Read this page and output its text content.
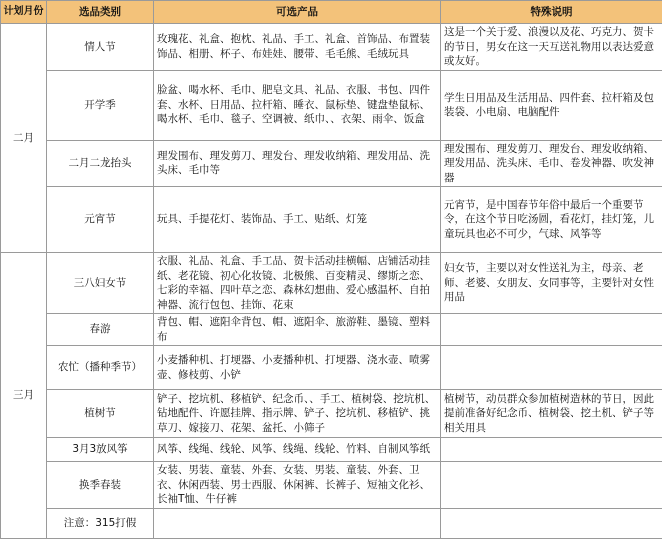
计划月份	选品类别	可选产品	特殊说明
二月	情人节	玫瑰花、礼盒、抱枕、礼品、手工、礼盒、首饰品、布置装饰品、相册、杯子、布娃娃、腰带、毛毛熊、毛绒玩具	这是一个关于爱、浪漫以及花、巧克力、贺卡的节日，男女在这一天互送礼物用以表达爱意或友好。
	开学季	脸盆、喝水杯、毛巾、肥皂文具、礼品、衣服、书包、四件套、水杯、日用品、拉杆箱、睡衣、鼠标垫、键盘垫鼠标、喝水杯、毛巾、毯子、空调被、纸巾、、衣架、雨伞、饭盒	学生日用品及生活用品、四件套、拉杆箱及包装袋、小电扇、电脑配件
	二月二龙抬头	理发围布、理发剪刀、理发台、理发收纳箱、理发用品、洗头床、毛巾等	理发围布、理发剪刀、理发台、理发收纳箱、理发用品、洗头床、毛巾、卷发神器、吹发神器
	元宵节	玩具、手提花灯、装饰品、手工、贴纸、灯笼	元宵节，是中国春节年俗中最后一个重要节令，在这个节日吃汤圆，看花灯，挂灯笼，儿童玩具也必不可少，气球、风筝等
三月	三八妇女节	衣服、礼品、礼盒、手工品、贺卡活动挂横幅、店铺活动挂纸、老花镜、初心化妆镜、北极熊、百变精灵、缪斯之恋、七彩的幸福、四叶草之恋、森林幻想曲、爱心感温杯、自拍神器、流行包包、挂饰、花束	妇女节，主要以对女性送礼为主，母亲、老师、老婆、女朋友、女同事等，主要针对女性用品
	春游	背包、帽、遮阳伞背包、帽、遮阳伞、旅游鞋、墨镜、塑料布	
	农忙（播种季节）	小麦播种机、打埂器、小麦播种机、打埂器、浇水壶、喷雾壶、修枝剪、小铲	
	植树节	铲子、挖坑机、移植铲、纪念币、、手工、植树袋、挖坑机、钻地配件、许愿挂牌、指示牌、铲子、挖坑机、移植铲、挑草刀、嫁接刀、花架、盆托、小筛子	植树节，动员群众参加植树造林的节日，因此提前准备好纪念币、植树袋、挖土机、铲子等相关用具
	3月3放风筝	风筝、线绳、线轮、风筝、线绳、线轮、竹料、自制风筝纸	
	换季春装	女装、男装、童装、外套、女装、男装、童装、外套、卫衣、休闲西装、男士西服、休闲裤、长裤子、短袖文化衫、长袖T恤、牛仔裤	
	注意：315打假		
